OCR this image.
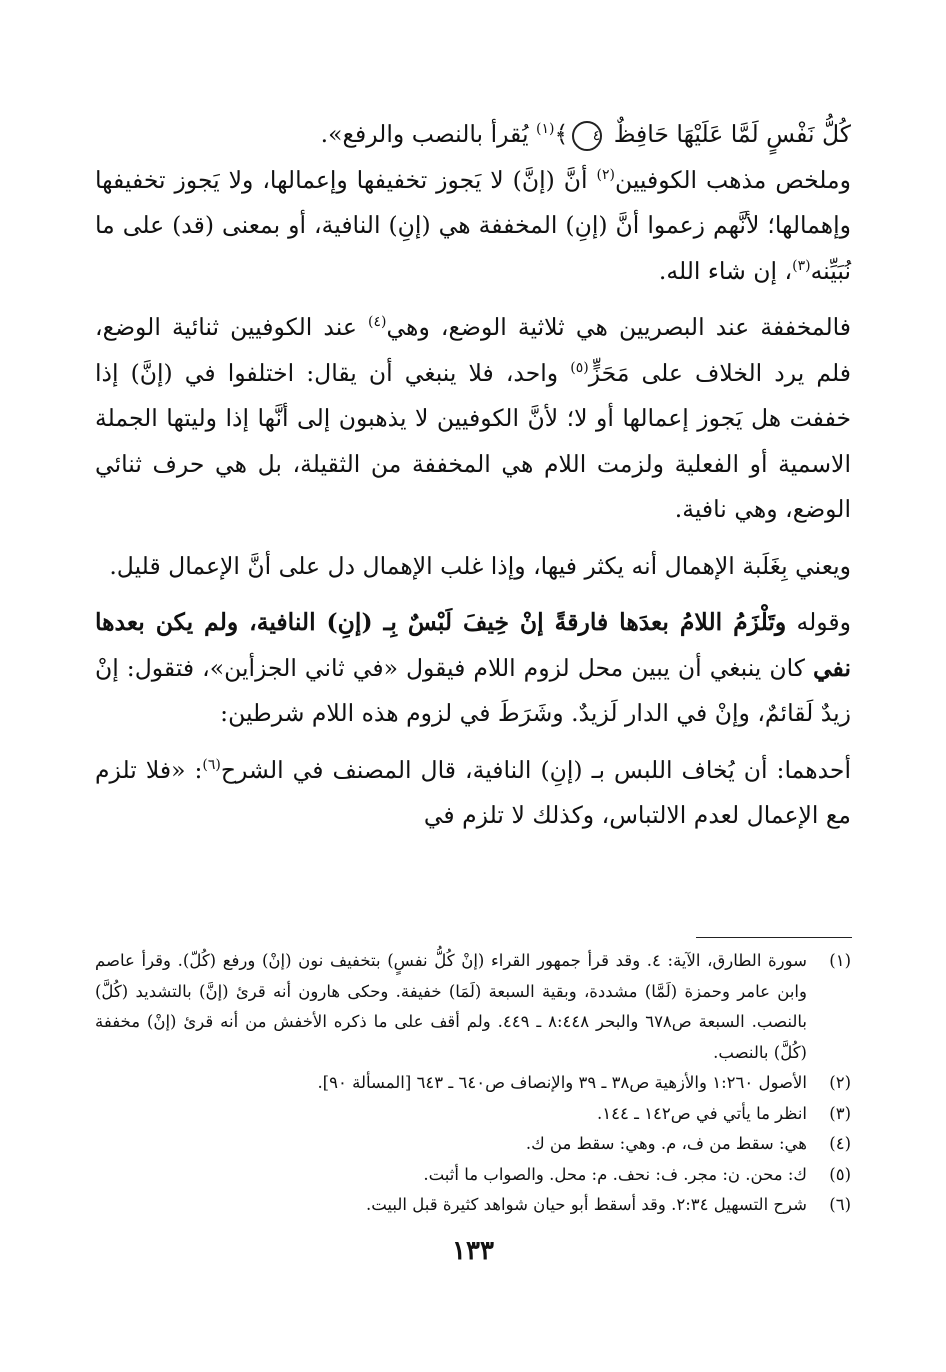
كُلُّ نَفْسٍ لَمَّا عَلَيْهَا حَافِظٌ ٤﴾$^{(١)}$ يُقرأ بالنصب والرفع».

وملخص مذهب الكوفيين$^{(٢)}$ أنَّ (إنَّ) لا يَجوز تخفيفها وإعمالها، ولا يَجوز تخفيفها وإهمالها؛ لأنَّهم زعموا أنَّ (إنِ) المخففة هي (إنِ) النافية، أو بمعنى (قد) على ما نُبَيِّنه$^{(٣)}$، إن شاء الله.

فالمخففة عند البصريين هي ثلاثية الوضع، وهي$^{(٤)}$ عند الكوفيين ثنائية الوضع، فلم يرد الخلاف على مَحَزٍّ$^{(٥)}$ واحد، فلا ينبغي أن يقال: اختلفوا في (إنَّ) إذا خففت هل يَجوز إعمالها أو لا؛ لأنَّ الكوفيين لا يذهبون إلى أنَّها إذا وليتها الجملة الاسمية أو الفعلية ولزمت اللام هي المخففة من الثقيلة، بل هي حرف ثنائي الوضع، وهي نافية.

ويعني بِغَلَبة الإهمال أنه يكثر فيها، وإذا غلب الإهمال دل على أنَّ الإعمال قليل.

وقوله وتَلْزَمُ اللامُ بعدَها فارقةً إنْ خِيفَ لَبْسٌ بِـ (إنِ) النافية، ولم يكن بعدها نفي كان ينبغي أن يبين محل لزوم اللام فيقول «في ثاني الجزأين»، فتقول: إنْ زيدٌ لَقائمٌ، وإنْ في الدار لَزيدٌ. وشَرَطَ في لزوم هذه اللام شرطين:

أحدهما: أن يُخاف اللبس بـ (إنِ) النافية، قال المصنف في الشرح$^{(٦)}$: «فلا تلزم مع الإعمال لعدم الالتباس، وكذلك لا تلزم في

(١)
سورة الطارق، الآية: ٤. وقد قرأ جمهور القراء (إنْ كُلُّ نفسٍ) بتخفيف نون (إنْ) ورفع (كُلّ). وقرأ عاصم وابن عامر وحمزة (لَمَّا) مشددة، وبقية السبعة (لَمَا) خفيفة. وحكى هارون أنه قرئ (إنَّ) بالتشديد (كُلَّ) بالنصب. السبعة ص٦٧٨ والبحر ٨:٤٤٨ ـ ٤٤٩. ولم أقف على ما ذكره الأخفش من أنه قرئ (إنْ) مخففة (كُلَّ) بالنصب.
(٢)
الأصول ١:٢٦٠ والأزهية ص٣٨ ـ ٣٩ والإنصاف ص٦٤٠ ـ ٦٤٣ [المسألة ٩٠].
(٣)
انظر ما يأتي في ص١٤٢ ـ ١٤٤.
(٤)
هي: سقط من ف، م. وهي: سقط من ك.
(٥)
ك: محن. ن: مجر. ف: نحف. م: محل. والصواب ما أثبت.
(٦)
شرح التسهيل ٢:٣٤. وقد أسقط أبو حيان شواهد كثيرة قبل البيت.
١٣٣
